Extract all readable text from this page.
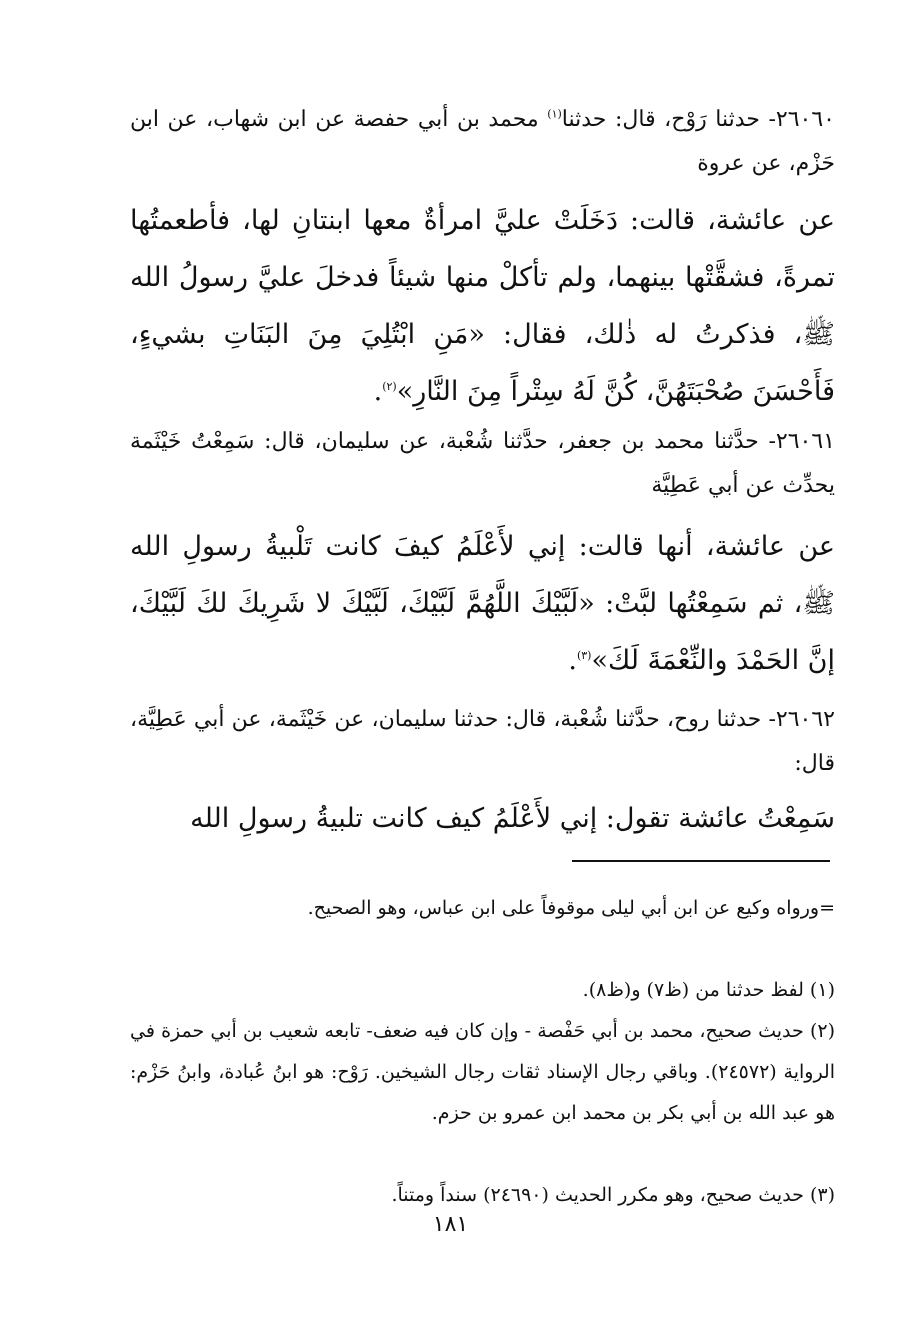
٢٦٠٦٠- حدثنا رَوْح، قال: حدثنا$^{(١)}$ محمد بن أبي حفصة عن ابن شهاب، عن ابن حَزْم، عن عروة

عن عائشة، قالت: دَخَلَتْ عليَّ امرأةٌ معها ابنتانِ لها، فأطعمتُها تمرةً، فشقَّتْها بينهما، ولم تأكلْ منها شيئاً فدخلَ عليَّ رسولُ الله ﷺ، فذكرتُ له ذٰلك، فقال: «مَنِ ابْتُلِيَ مِنَ البَنَاتِ بشيءٍ، فَأَحْسَنَ صُحْبَتَهُنَّ، كُنَّ لَهُ سِتْراً مِنَ النَّارِ»$^{(٢)}$.

٢٦٠٦١- حدَّثنا محمد بن جعفر، حدَّثنا شُعْبة، عن سليمان، قال: سَمِعْتُ خَيْثَمة يحدِّث عن أبي عَطِيَّة

عن عائشة، أنها قالت: إني لأَعْلَمُ كيفَ كانت تَلْبيةُ رسولِ الله ﷺ، ثم سَمِعْتُها لبَّتْ: «لَبَّيْكَ اللَّهُمَّ لَبَّيْكَ، لَبَّيْكَ لا شَرِيكَ لكَ لَبَّيْكَ، إنَّ الحَمْدَ والنِّعْمَةَ لَكَ»$^{(٣)}$.

٢٦٠٦٢- حدثنا روح، حدَّثنا شُعْبة، قال: حدثنا سليمان، عن خَيْثَمة، عن أبي عَطِيَّة، قال:

سَمِعْتُ عائشة تقول: إني لأَعْلَمُ كيف كانت تلبيةُ رسولِ الله

=ورواه وكيع عن ابن أبي ليلى موقوفاً على ابن عباس، وهو الصحيح.

(١) لفظ حدثنا من (ظ٧) و(ظ٨).

(٢) حديث صحيح، محمد بن أبي حَفْصة - وإن كان فيه ضعف- تابعه شعيب بن أبي حمزة في الرواية (٢٤٥٧٢). وباقي رجال الإسناد ثقات رجال الشيخين. رَوْح: هو ابنُ عُبادة، وابنُ حَزْم: هو عبد الله بن أبي بكر بن محمد ابن عمرو بن حزم.

(٣) حديث صحيح، وهو مكرر الحديث (٢٤٦٩٠) سنداً ومتناً.

١٨١
